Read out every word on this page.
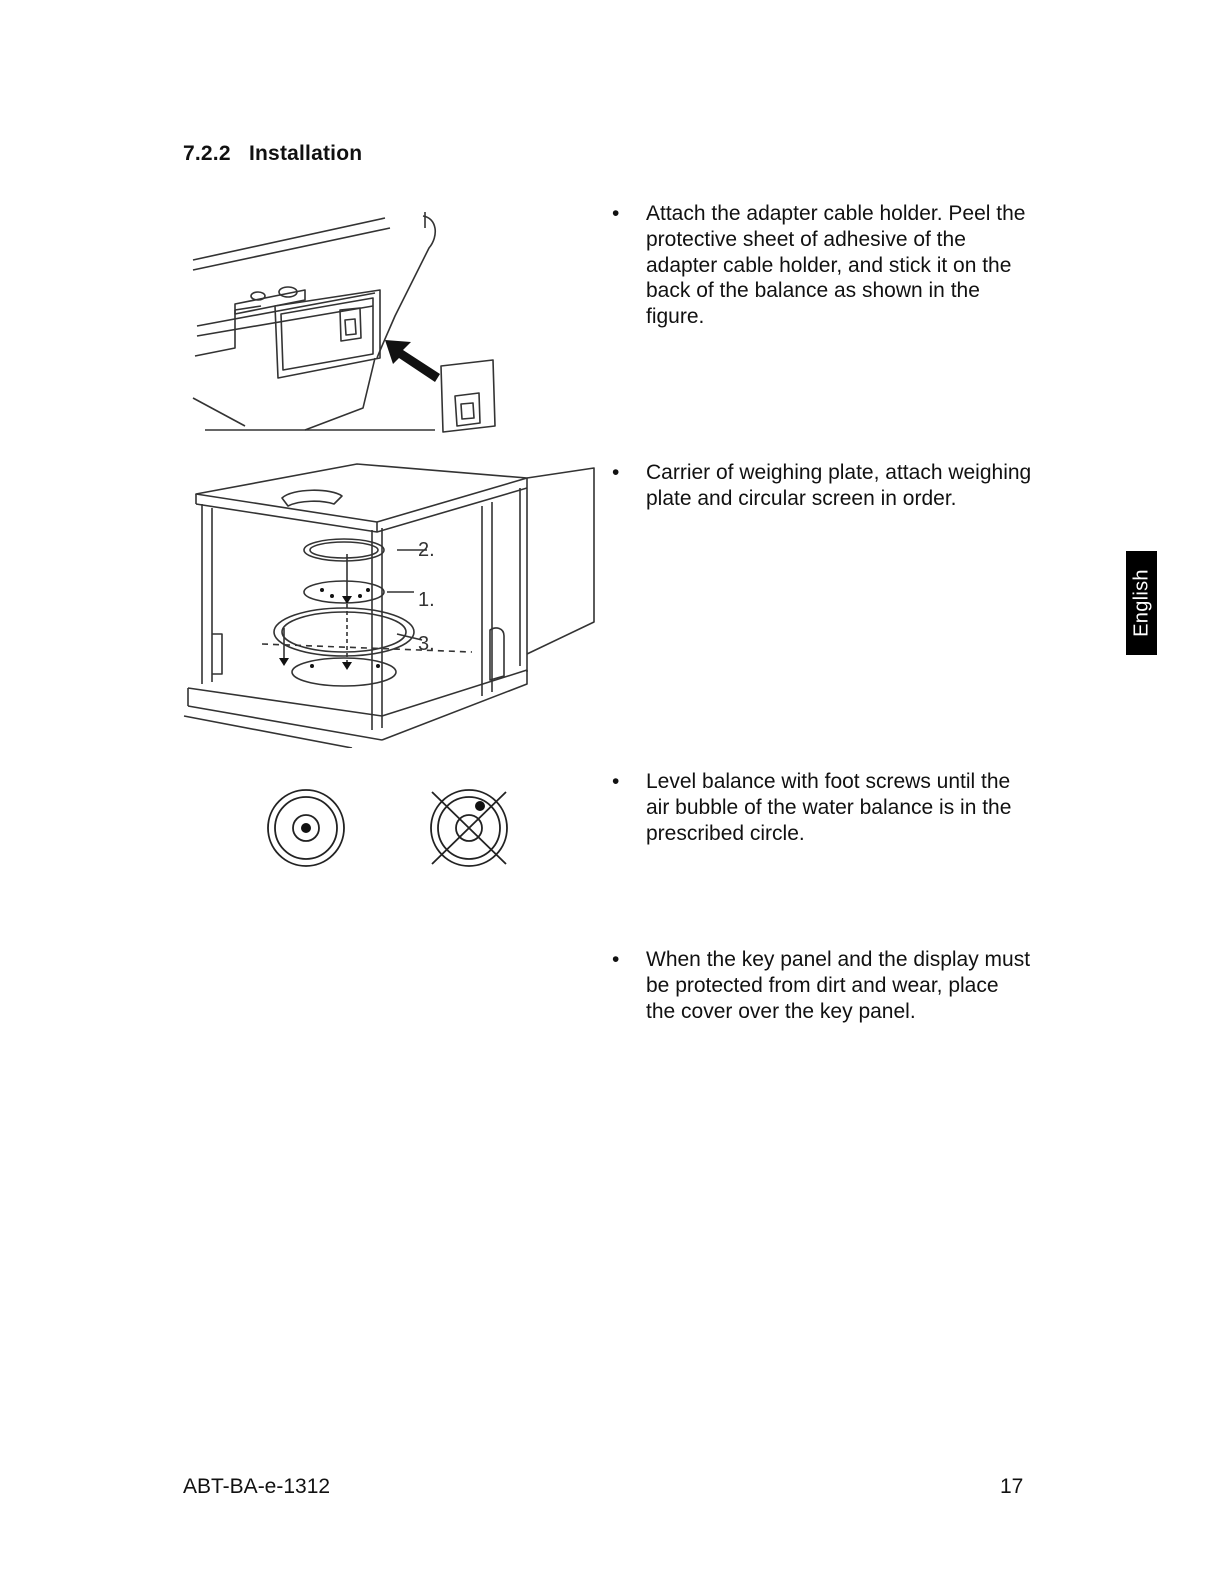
7.2.2 Installation
2.
1.
3.
•	Attach the adapter cable holder. Peel the protective sheet of adhesive of the adapter cable holder, and stick it on the back of the balance as shown in the figure.
•	Carrier of weighing plate, attach weighing plate and circular screen in order.
•	Level balance with foot screws until the air bubble of the water balance is in the prescribed circle.
•	When the key panel and the display must be protected from dirt and wear, place the cover over the key panel.
English
ABT-BA-e-1312	17
